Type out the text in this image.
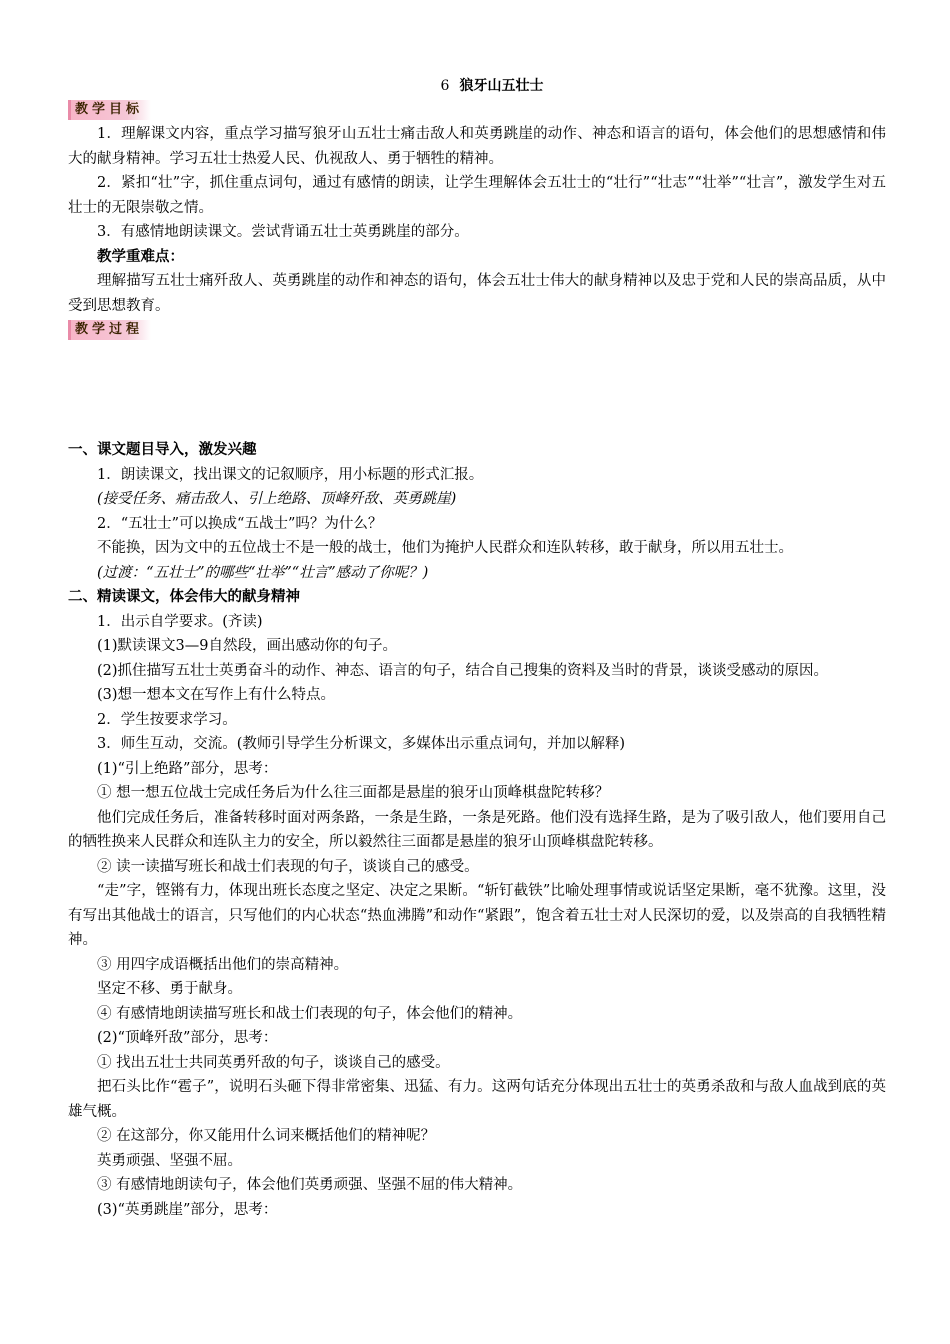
6 狼牙山五壮士
教学目标

1．理解课文内容，重点学习描写狼牙山五壮士痛击敌人和英勇跳崖的动作、神态和语言的语句，体会他们的思想感情和伟大的献身精神。学习五壮士热爱人民、仇视敌人、勇于牺牲的精神。

2．紧扣“壮”字，抓住重点词句，通过有感情的朗读，让学生理解体会五壮士的“壮行”“壮志”“壮举”“壮言”，激发学生对五壮士的无限崇敬之情。

3．有感情地朗读课文。尝试背诵五壮士英勇跳崖的部分。

教学重难点：

理解描写五壮士痛歼敌人、英勇跳崖的动作和神态的语句，体会五壮士伟大的献身精神以及忠于党和人民的崇高品质，从中受到思想教育。

教学过程

一、课文题目导入，激发兴趣

1．朗读课文，找出课文的记叙顺序，用小标题的形式汇报。

(接受任务、痛击敌人、引上绝路、顶峰歼敌、英勇跳崖)

2．“五壮士”可以换成“五战士”吗？为什么？

不能换，因为文中的五位战士不是一般的战士，他们为掩护人民群众和连队转移，敢于献身，所以用五壮士。

(过渡：“五壮士”的哪些“壮举”“壮言”感动了你呢？)

二、精读课文，体会伟大的献身精神

1．出示自学要求。(齐读)

(1)默读课文3—9自然段，画出感动你的句子。

(2)抓住描写五壮士英勇奋斗的动作、神态、语言的句子，结合自己搜集的资料及当时的背景，谈谈受感动的原因。

(3)想一想本文在写作上有什么特点。

2．学生按要求学习。

3．师生互动，交流。(教师引导学生分析课文，多媒体出示重点词句，并加以解释)

(1)“引上绝路”部分，思考：

① 想一想五位战士完成任务后为什么往三面都是悬崖的狼牙山顶峰棋盘陀转移？

他们完成任务后，准备转移时面对两条路，一条是生路，一条是死路。他们没有选择生路，是为了吸引敌人，他们要用自己的牺牲换来人民群众和连队主力的安全，所以毅然往三面都是悬崖的狼牙山顶峰棋盘陀转移。

② 读一读描写班长和战士们表现的句子，谈谈自己的感受。

“走”字，铿锵有力，体现出班长态度之坚定、决定之果断。“斩钉截铁”比喻处理事情或说话坚定果断，毫不犹豫。这里，没有写出其他战士的语言，只写他们的内心状态“热血沸腾”和动作“紧跟”，饱含着五壮士对人民深切的爱，以及崇高的自我牺牲精神。

③ 用四字成语概括出他们的崇高精神。

坚定不移、勇于献身。

④ 有感情地朗读描写班长和战士们表现的句子，体会他们的精神。

(2)“顶峰歼敌”部分，思考：

① 找出五壮士共同英勇歼敌的句子，谈谈自己的感受。

把石头比作“雹子”，说明石头砸下得非常密集、迅猛、有力。这两句话充分体现出五壮士的英勇杀敌和与敌人血战到底的英雄气概。

② 在这部分，你又能用什么词来概括他们的精神呢？

英勇顽强、坚强不屈。

③ 有感情地朗读句子，体会他们英勇顽强、坚强不屈的伟大精神。

(3)“英勇跳崖”部分，思考：
